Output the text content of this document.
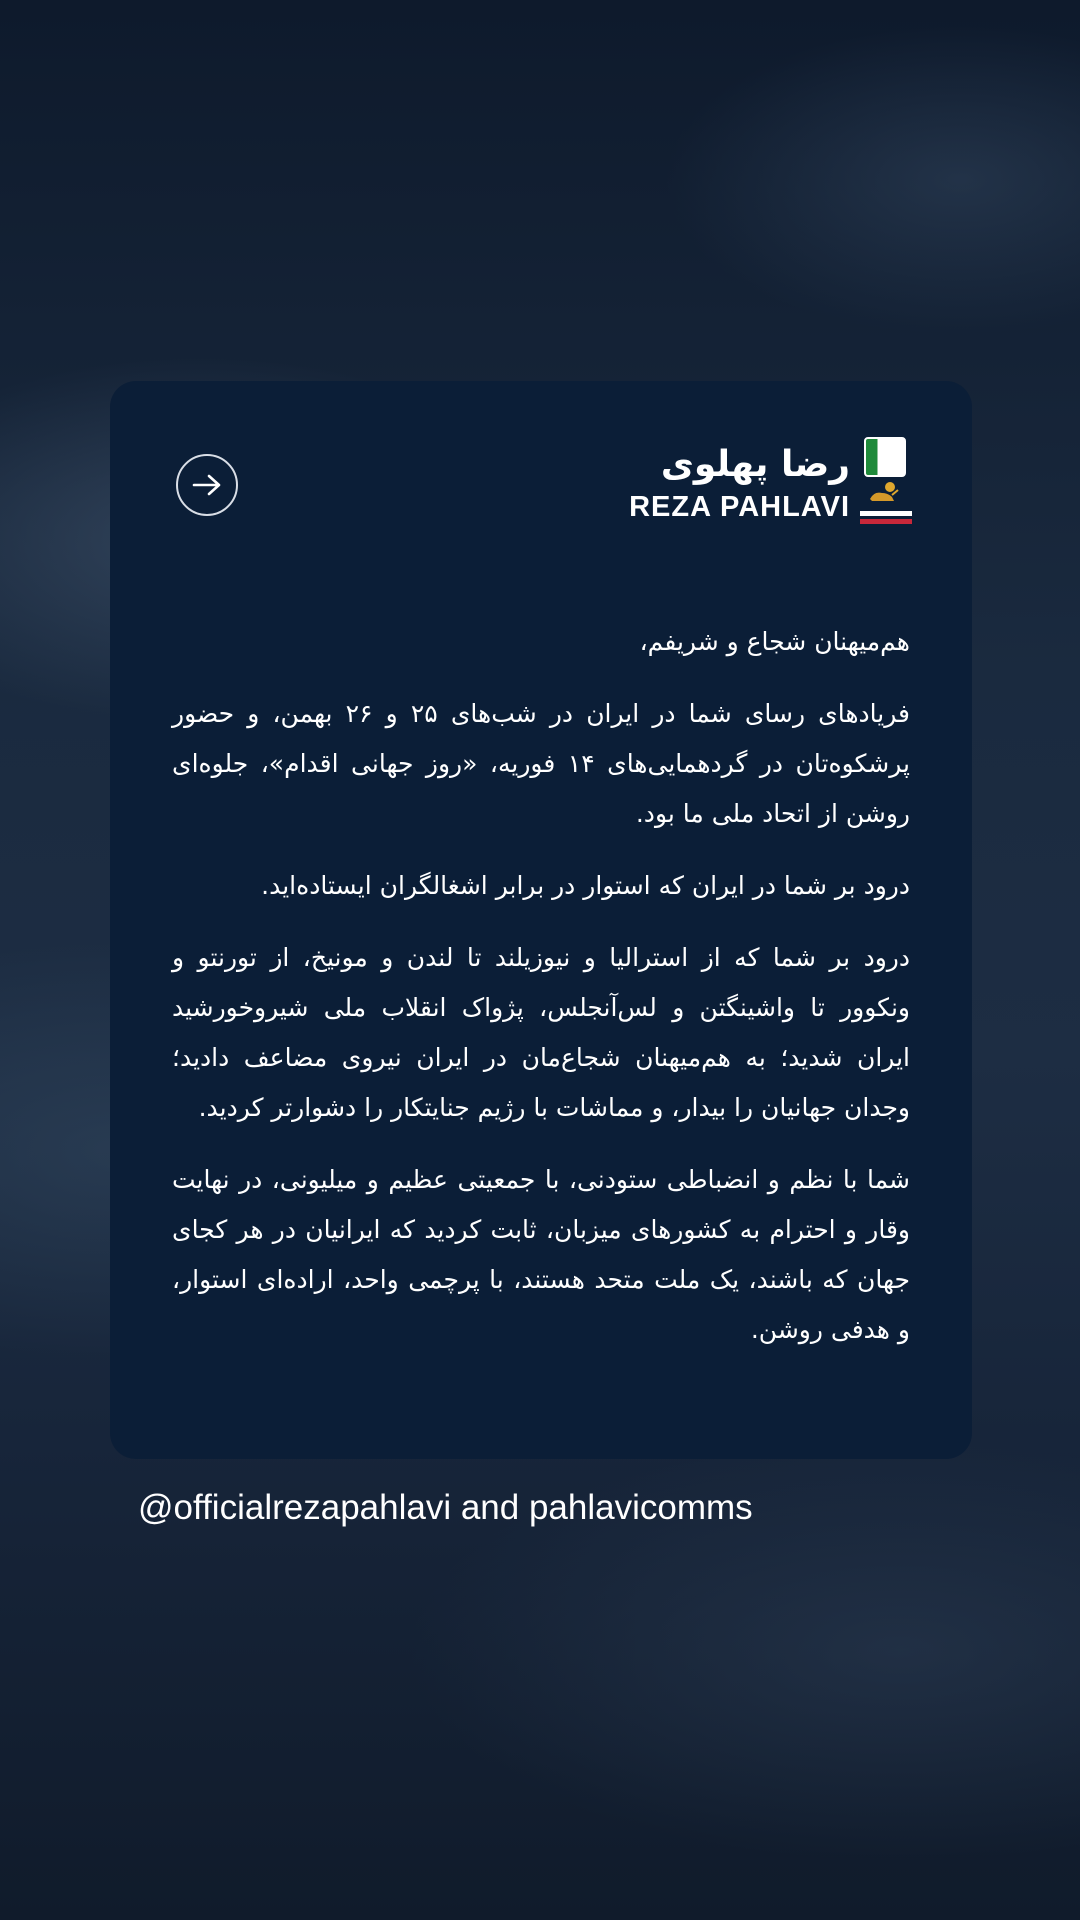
رضا پهلوی
REZA PAHLAVI

هم‌میهنان شجاع و شریفم،

فریادهای رسای شما در ایران در شب‌های ۲۵ و ۲۶ بهمن، و حضور پرشکوه‌تان در گردهمایی‌های ۱۴ فوریه، «روز جهانی اقدام»، جلوه‌ای روشن از اتحاد ملی ما بود.

درود بر شما در ایران که استوار در برابر اشغالگران ایستاده‌اید.

درود بر شما که از استرالیا و نیوزیلند تا لندن و مونیخ، از تورنتو و ونکوور تا واشینگتن و لس‌آنجلس، پژواک انقلاب ملی شیروخورشید ایران شدید؛ به هم‌میهنان شجاع‌مان در ایران نیروی مضاعف دادید؛ وجدان جهانیان را بیدار، و مماشات با رژیم جنایتکار را دشوارتر کردید.

شما با نظم و انضباطی ستودنی، با جمعیتی عظیم و میلیونی، در نهایت وقار و احترام به کشورهای میزبان، ثابت کردید که ایرانیان در هر کجای جهان که باشند، یک ملت متحد هستند، با پرچمی واحد، اراده‌ای استوار، و هدفی روشن.

@officialrezapahlavi and pahlavicomms
